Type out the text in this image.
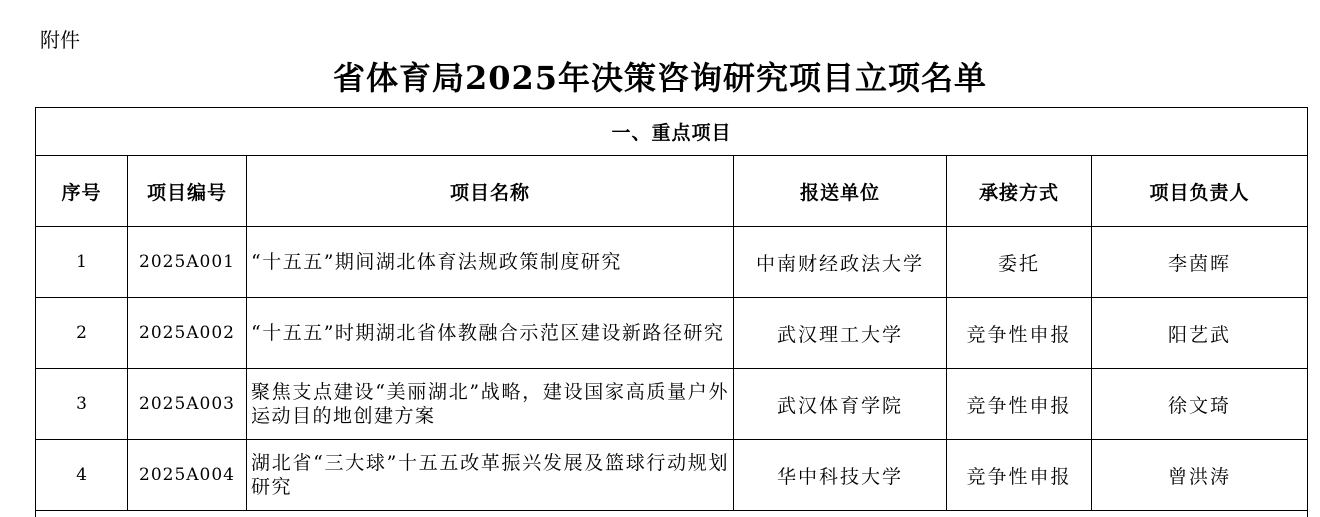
附件
省体育局2025年决策咨询研究项目立项名单
一、重点项目					
序号	项目编号	项目名称	报送单位	承接方式	项目负责人
1	2025A001	“十五五”期间湖北体育法规政策制度研究	中南财经政法大学	委托	李茵晖
2	2025A002	“十五五”时期湖北省体教融合示范区建设新路径研究	武汉理工大学	竞争性申报	阳艺武
3	2025A003	聚焦支点建设“美丽湖北”战略，建设国家高质量户外运动目的地创建方案	武汉体育学院	竞争性申报	徐文琦
4	2025A004	湖北省“三大球”十五五改革振兴发展及篮球行动规划研究	华中科技大学	竞争性申报	曾洪涛
